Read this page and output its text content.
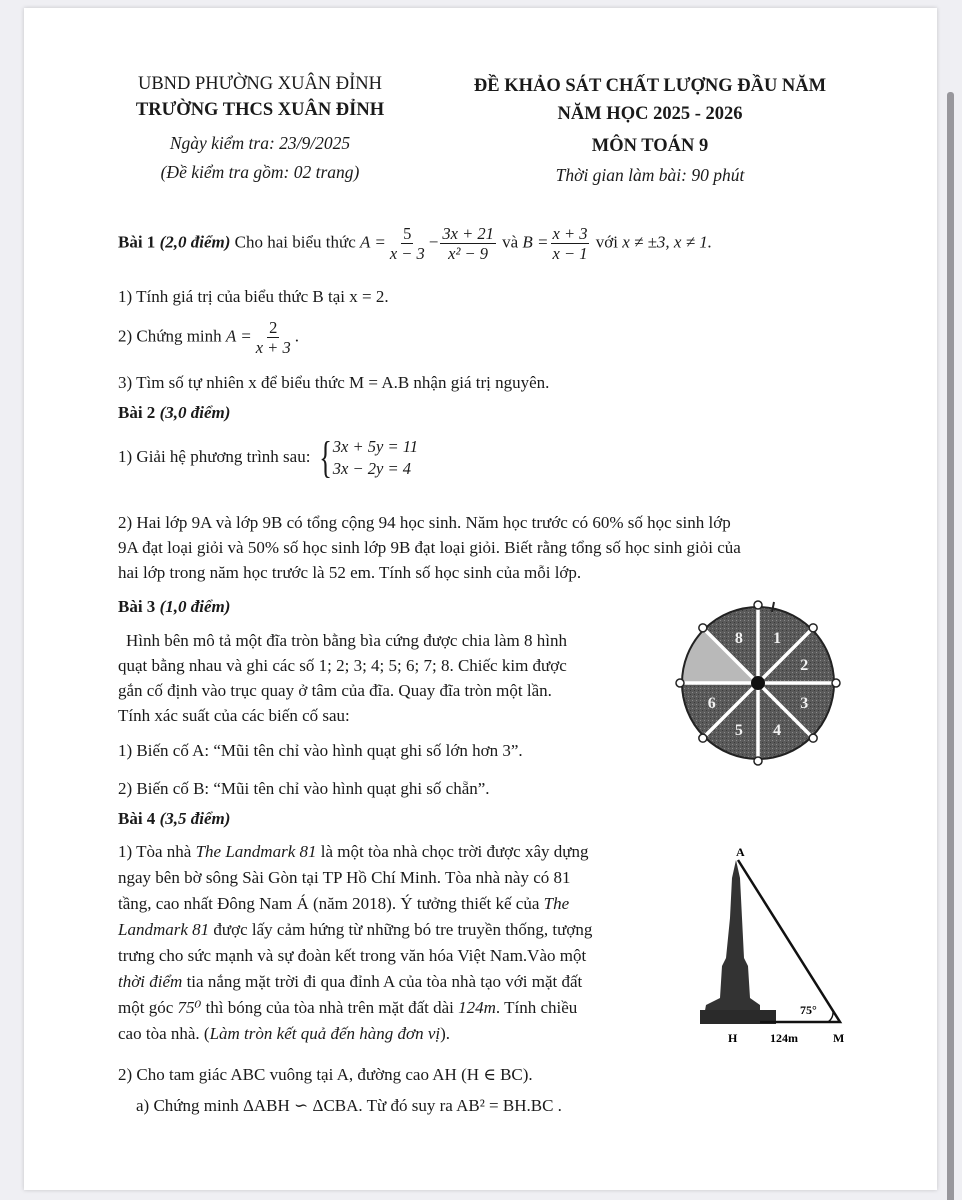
UBND PHƯỜNG XUÂN ĐỈNH
TRƯỜNG THCS XUÂN ĐỈNH
Ngày kiểm tra: 23/9/2025
(Đề kiểm tra gồm: 02 trang)
ĐỀ KHẢO SÁT CHẤT LƯỢNG ĐẦU NĂM
NĂM HỌC 2025 - 2026
MÔN TOÁN 9
Thời gian làm bài: 90 phút
Bài 1 (2,0 điểm) Cho hai biểu thức $A = \frac{5}{x - 3} - \frac{3x + 21}{\text{x² − 9}}$ và $B = \frac{x + 3}{x - 1}$ với x ≠ ±3, x ≠ 1.
1) Tính giá trị của biểu thức B tại x = 2.
2) Chứng minh $A = \frac{2}{x + 3}$ .
3) Tìm số tự nhiên x để biểu thức M = A.B nhận giá trị nguyên.
Bài 2 (3,0 điểm)
1) Giải hệ phương trình sau: { 3x + 5y = 11
3x − 2y = 4
2) Hai lớp 9A và lớp 9B có tổng cộng 94 học sinh. Năm học trước có 60% số học sinh lớp
9A đạt loại giỏi và 50% số học sinh lớp 9B đạt loại giỏi. Biết rằng tổng số học sinh giỏi của
hai lớp trong năm học trước là 52 em. Tính số học sinh của mỗi lớp.
Bài 3 (1,0 điểm)
Hình bên mô tả một đĩa tròn bằng bìa cứng được chia làm 8 hình
quạt bằng nhau và ghi các số 1; 2; 3; 4; 5; 6; 7; 8. Chiếc kim được
gắn cố định vào trục quay ở tâm của đĩa. Quay đĩa tròn một lần.
Tính xác suất của các biến cố sau:
1) Biến cố A: “Mũi tên chỉ vào hình quạt ghi số lớn hơn 3”.
2) Biến cố B: “Mũi tên chỉ vào hình quạt ghi số chẵn”.
1
2
3
4
5
6
8
Bài 4 (3,5 điểm)
1) Tòa nhà The Landmark 81 là một tòa nhà chọc trời được xây dựng
ngay bên bờ sông Sài Gòn tại TP Hồ Chí Minh. Tòa nhà này có 81
tầng, cao nhất Đông Nam Á (năm 2018). Ý tưởng thiết kế của The
Landmark 81 được lấy cảm hứng từ những bó tre truyền thống, tượng
trưng cho sức mạnh và sự đoàn kết trong văn hóa Việt Nam.Vào một
thời điểm tia nắng mặt trời đi qua đỉnh A của tòa nhà tạo với mặt đất
một góc 75⁰ thì bóng của tòa nhà trên mặt đất dài 124m. Tính chiều
cao tòa nhà. (Làm tròn kết quả đến hàng đơn vị).
A
H	M
75°
124m
2) Cho tam giác ABC vuông tại A, đường cao AH (H ∈ BC).
a) Chứng minh ΔABH ∽ ΔCBA. Từ đó suy ra AB² = BH.BC .
